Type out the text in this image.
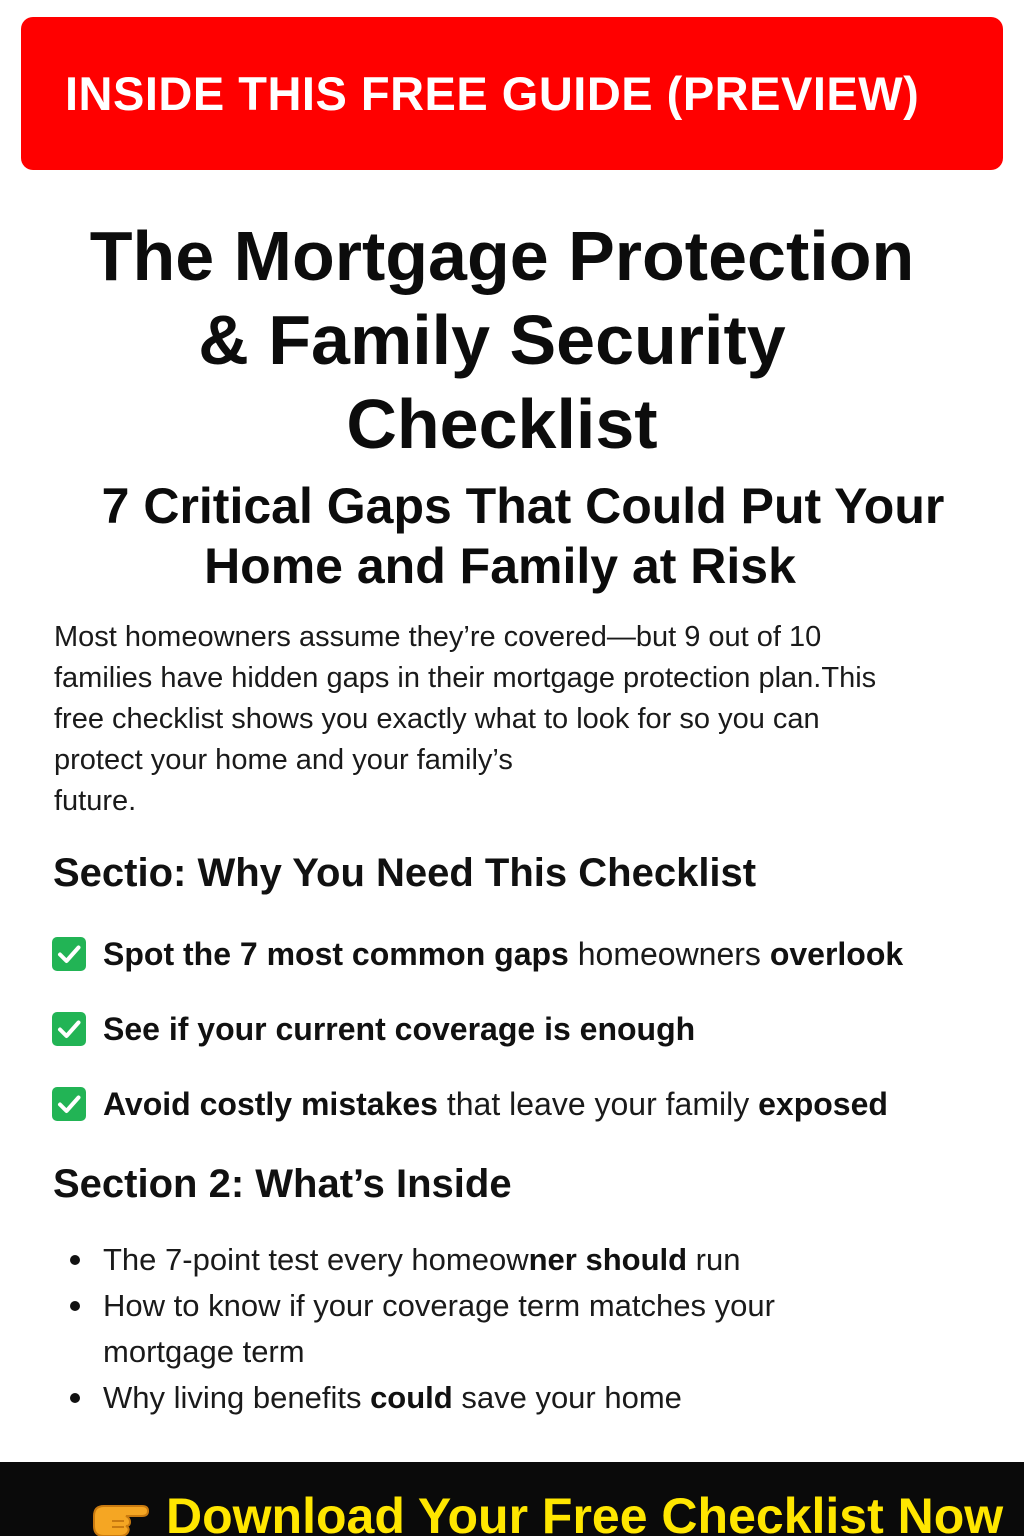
INSIDE THIS FREE GUIDE (PREVIEW)
The Mortgage Protection
& Family Security
Checklist
7 Critical Gaps That Could Put Your
Home and Family at Risk

Most homeowners assume they’re covered—but 9 out of 10
families have hidden gaps in their mortgage protection plan.This
free checklist shows you exactly what to look for so you can
protect your home and your family’s
future.

Sectio: Why You Need This Checklist
Spot the 7 most common gaps homeowners overlook
See if your current coverage is enough
Avoid costly mistakes that leave your family exposed
Section 2: What’s Inside
The 7-point test every homeowner should run
How to know if your coverage term matches your
mortgage term
Why living benefits could save your home
Download Your Free Checklist Now
